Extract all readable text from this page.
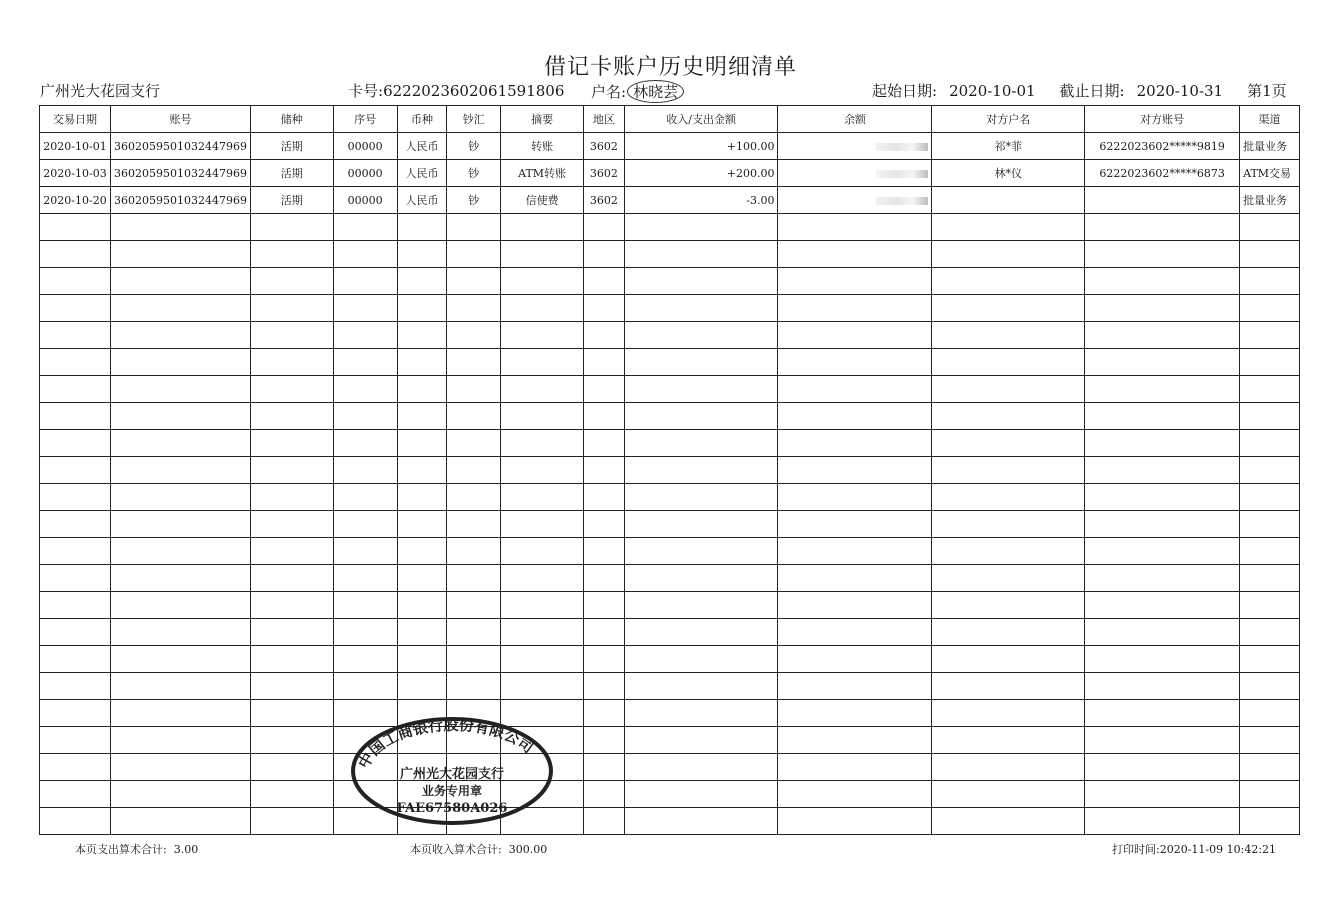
借记卡账户历史明细清单
广州光大花园支行	卡号:6222023602061591806 户名: 林晓芸	起始日期: 2020-10-01 截止日期: 2020-10-31 第1页
交易日期	账号	储种	序号	币种	钞汇	摘要	地区	收入/支出金额	余额	对方户名	对方账号	渠道
2020-10-01	3602059501032447969	活期	00000	人民币	钞	转账	3602	+100.00		祁*菲	6222023602*****9819	批量业务
2020-10-03	3602059501032447969	活期	00000	人民币	钞	ATM转账	3602	+200.00		林*仪	6222023602*****6873	ATM交易
2020-10-20	3602059501032447969	活期	00000	人民币	钞	信使费	3602	-3.00				批量业务

中国工商银行股份有限公司
广州光大花园支行
业务专用章
FAE67580A026
本页支出算术合计: 3.00	本页收入算术合计: 300.00	打印时间:2020-11-09 10:42:21
